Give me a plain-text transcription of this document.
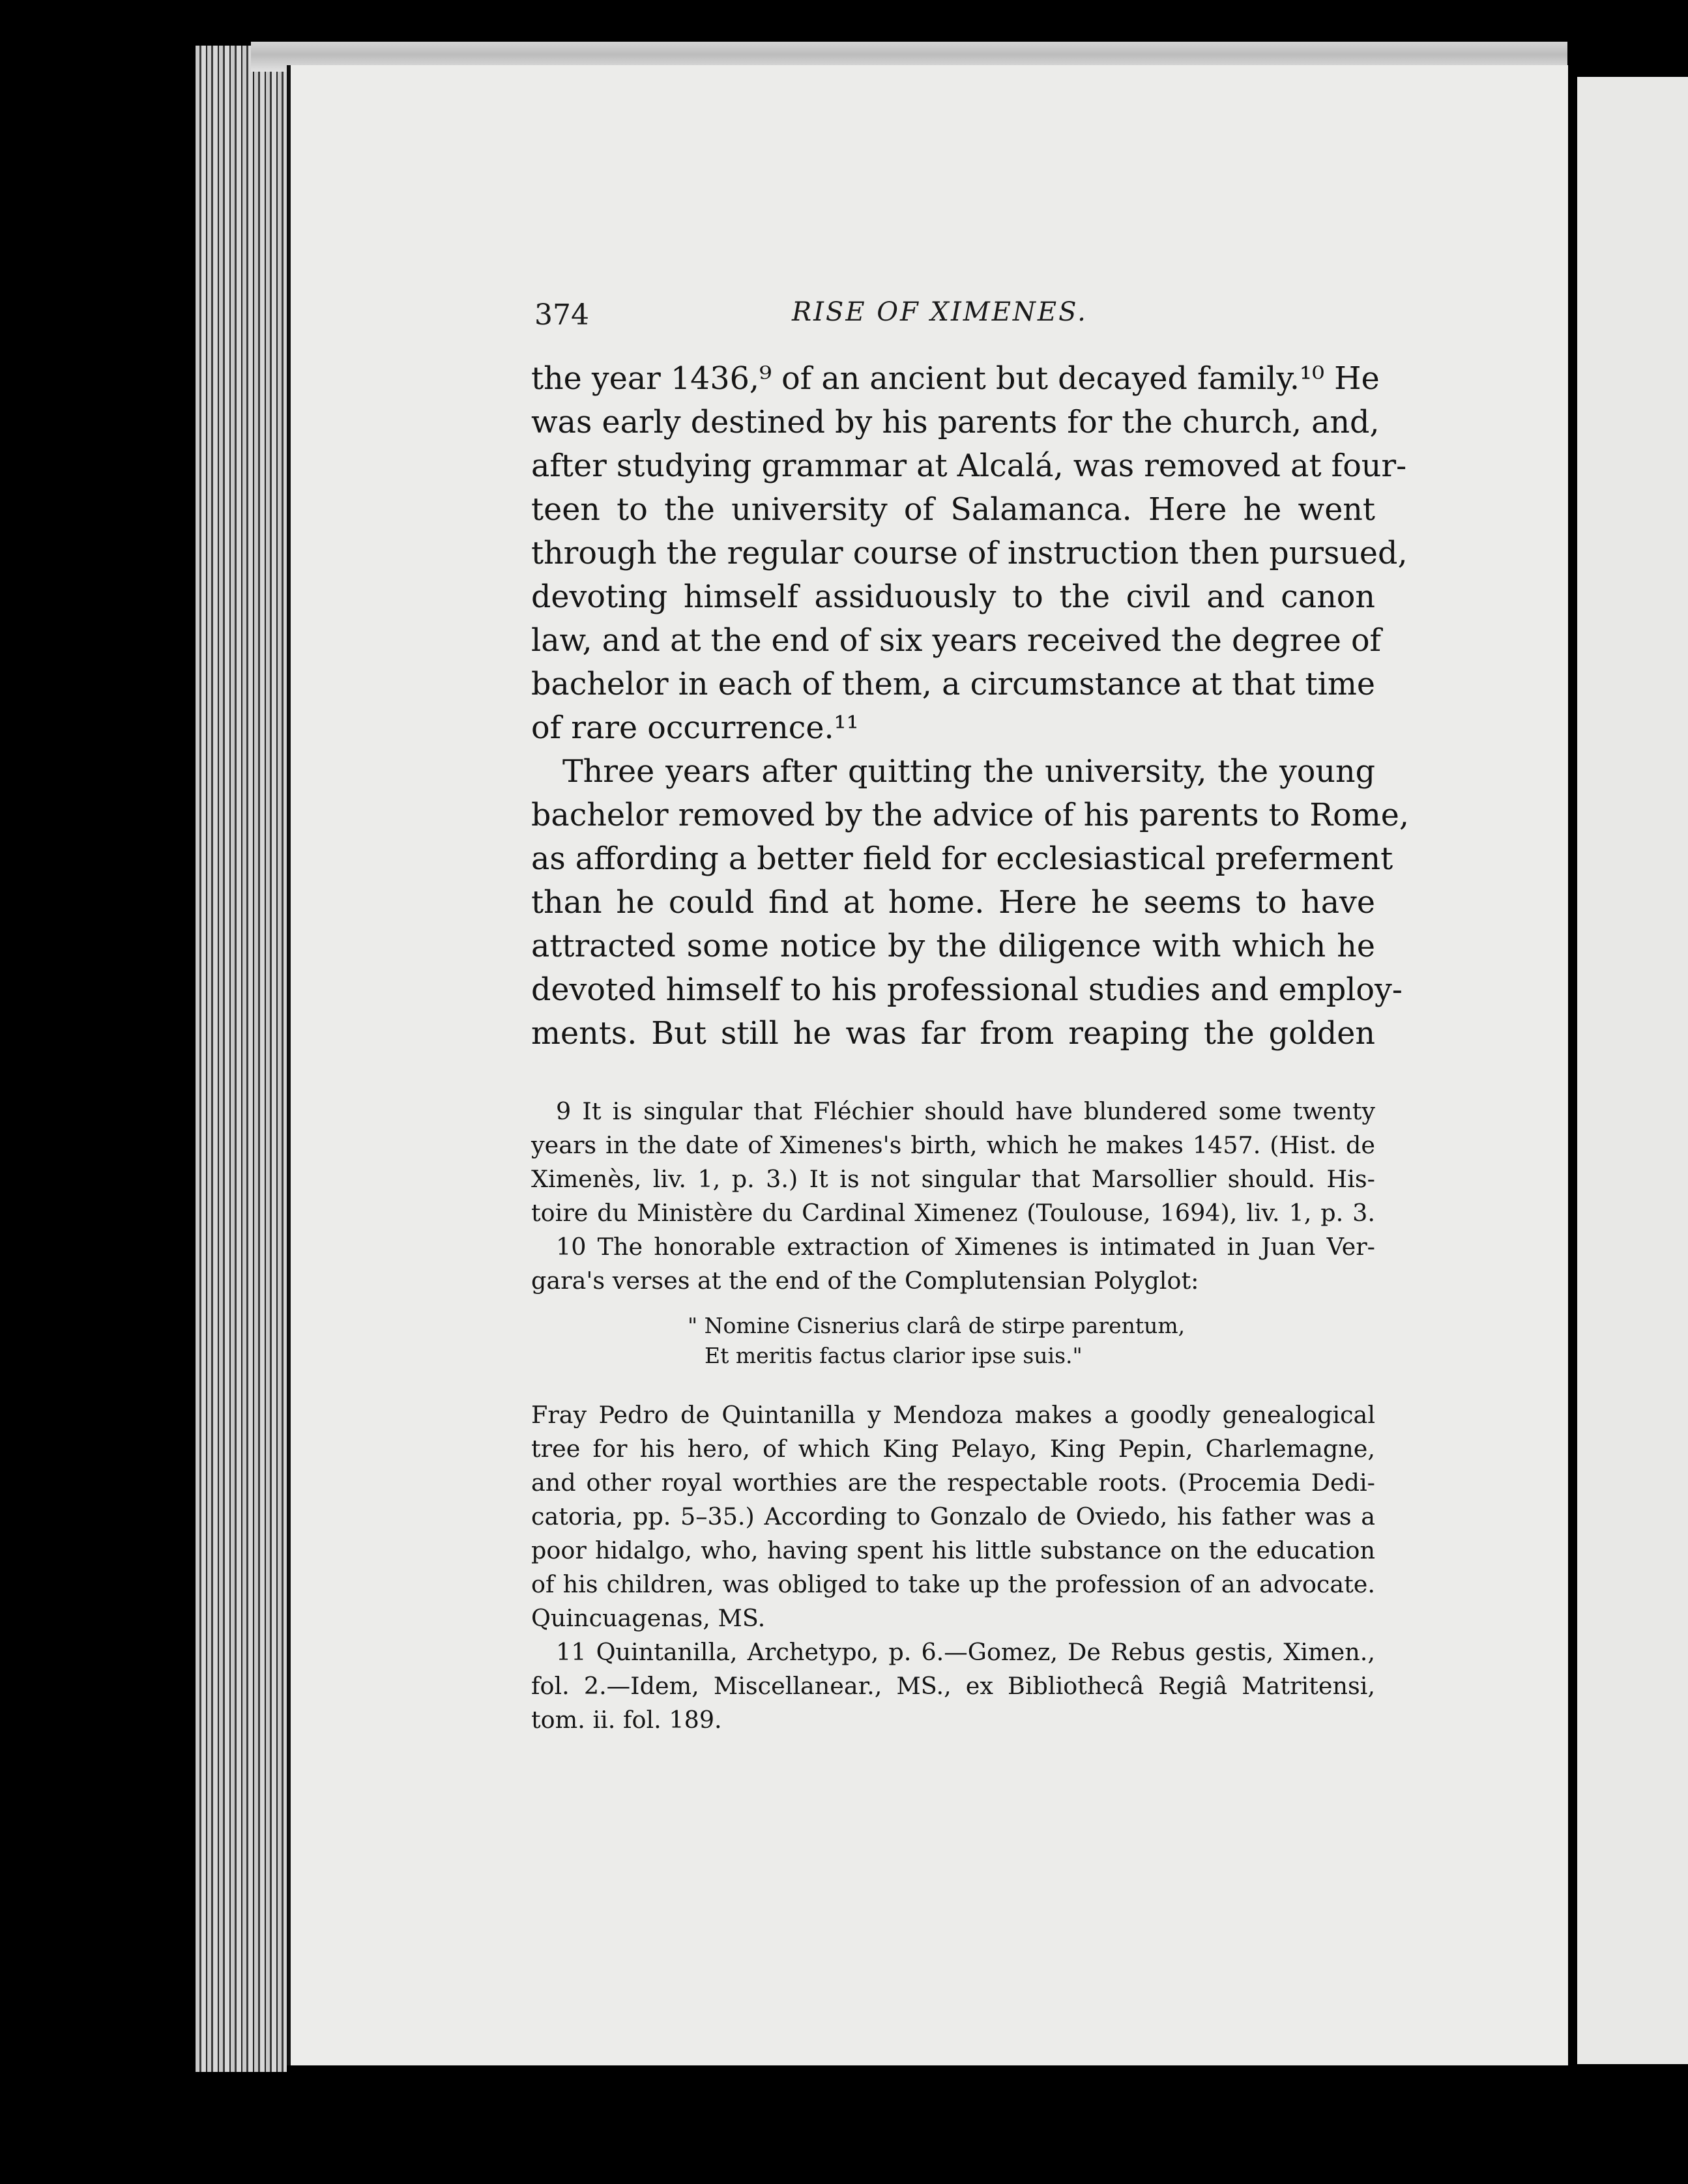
374	RISE OF XIMENES.
the year 1436,⁹ of an ancient but decayed family.¹⁰ He
was early destined by his parents for the church, and,
after studying grammar at Alcalá, was removed at four-
teen to the university of Salamanca. Here he went
through the regular course of instruction then pursued,
devoting himself assiduously to the civil and canon
law, and at the end of six years received the degree of
bachelor in each of them, a circumstance at that time
of rare occurrence.¹¹
Three years after quitting the university, the young
bachelor removed by the advice of his parents to Rome,
as affording a better field for ecclesiastical preferment
than he could find at home. Here he seems to have
attracted some notice by the diligence with which he
devoted himself to his professional studies and employ-
ments. But still he was far from reaping the golden
9 It is singular that Fléchier should have blundered some twenty
years in the date of Ximenes's birth, which he makes 1457. (Hist. de
Ximenès, liv. 1, p. 3.) It is not singular that Marsollier should. His-
toire du Ministère du Cardinal Ximenez (Toulouse, 1694), liv. 1, p. 3.
10 The honorable extraction of Ximenes is intimated in Juan Ver-
gara's verses at the end of the Complutensian Polyglot:
" Nomine Cisnerius clarâ de stirpe parentum,
Et meritis factus clarior ipse suis."
Fray Pedro de Quintanilla y Mendoza makes a goodly genealogical
tree for his hero, of which King Pelayo, King Pepin, Charlemagne,
and other royal worthies are the respectable roots. (Procemia Dedi-
catoria, pp. 5–35.) According to Gonzalo de Oviedo, his father was a
poor hidalgo, who, having spent his little substance on the education
of his children, was obliged to take up the profession of an advocate.
Quincuagenas, MS.
11 Quintanilla, Archetypo, p. 6.—Gomez, De Rebus gestis, Ximen.,
fol. 2.—Idem, Miscellanear., MS., ex Bibliothecâ Regiâ Matritensi,
tom. ii. fol. 189.
